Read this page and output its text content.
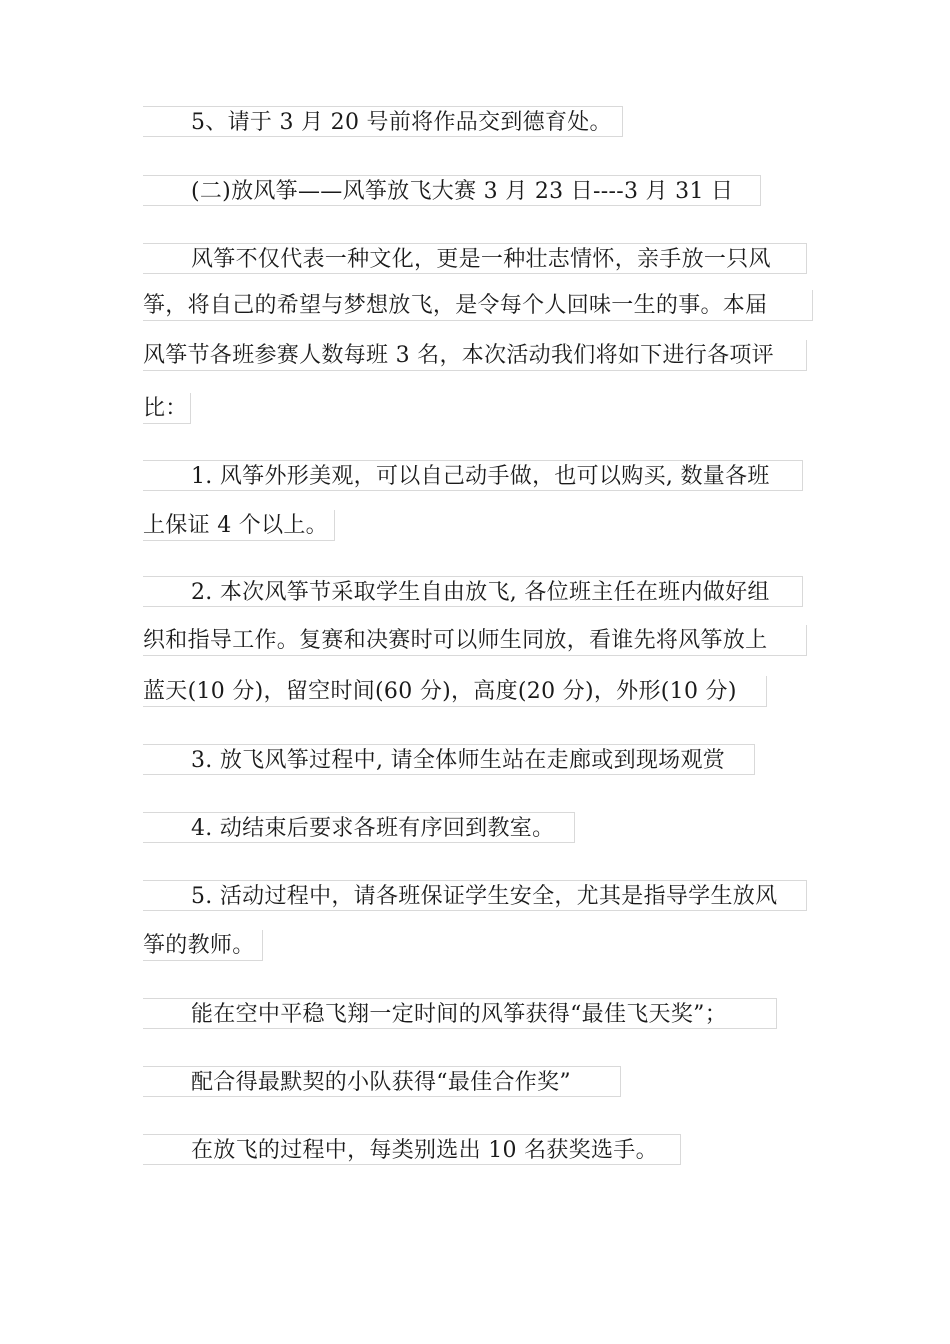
5、请于 3 月 20 号前将作品交到德育处。
(二)放风筝——风筝放飞大赛 3 月 23 日----3 月 31 日
风筝不仅代表一种文化，更是一种壮志情怀，亲手放一只风
筝，将自己的希望与梦想放飞，是令每个人回味一生的事。本届
风筝节各班参赛人数每班 3 名，本次活动我们将如下进行各项评
比：
1. 风筝外形美观，可以自己动手做，也可以购买, 数量各班
上保证 4 个以上。
2. 本次风筝节采取学生自由放飞, 各位班主任在班内做好组
织和指导工作。复赛和决赛时可以师生同放，看谁先将风筝放上
蓝天(10 分)，留空时间(60 分)，高度(20 分)，外形(10 分)
3. 放飞风筝过程中, 请全体师生站在走廊或到现场观赏
4. 动结束后要求各班有序回到教室。
5. 活动过程中，请各班保证学生安全，尤其是指导学生放风
筝的教师。
能在空中平稳飞翔一定时间的风筝获得“最佳飞天奖”；
配合得最默契的小队获得“最佳合作奖”
在放飞的过程中，每类别选出 10 名获奖选手。
